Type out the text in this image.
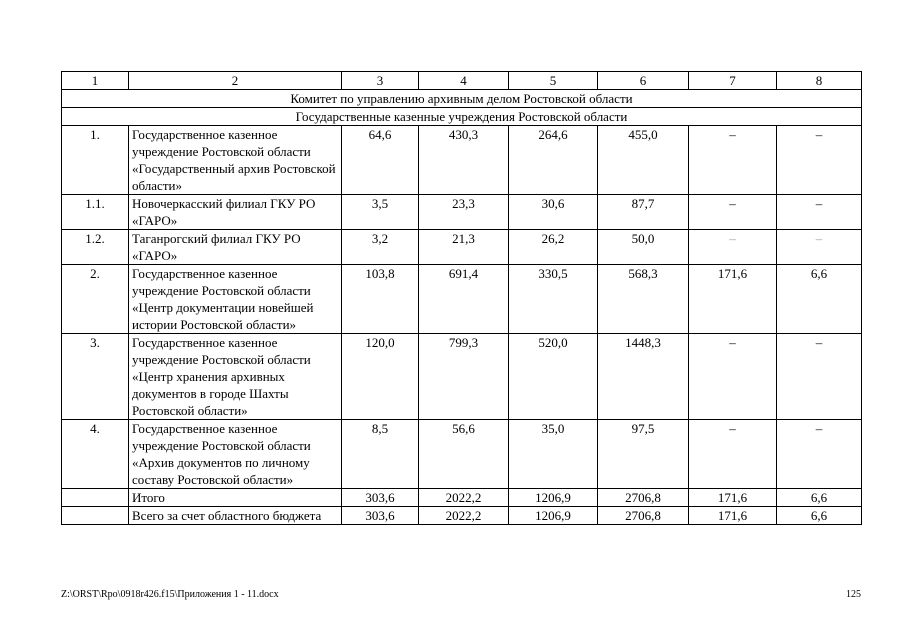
1	2	3	4	5	6	7	8
Комитет по управлению архивным делом Ростовской области							
Государственные казенные учреждения Ростовской области							
1.	Государственное казенное учреждение Ростовской области «Государственный архив Ростовской области»	64,6	430,3	264,6	455,0	–	–
1.1.	Новочеркасский филиал ГКУ РО «ГАРО»	3,5	23,3	30,6	87,7	–	–
1.2.	Таганрогский филиал ГКУ РО «ГАРО»	3,2	21,3	26,2	50,0	–	–
2.	Государственное казенное учреждение Ростовской области «Центр документации новейшей истории Ростовской области»	103,8	691,4	330,5	568,3	171,6	6,6
3.	Государственное казенное учреждение Ростовской области «Центр хранения архивных документов в городе Шахты Ростовской области»	120,0	799,3	520,0	1448,3	–	–
4.	Государственное казенное учреждение Ростовской области «Архив документов по личному составу Ростовской области»	8,5	56,6	35,0	97,5	–	–
	Итого	303,6	2022,2	1206,9	2706,8	171,6	6,6
	Всего за счет областного бюджета	303,6	2022,2	1206,9	2706,8	171,6	6,6
Z:\ORST\Rpo\0918r426.f15\Приложения 1 - 11.docx	125
